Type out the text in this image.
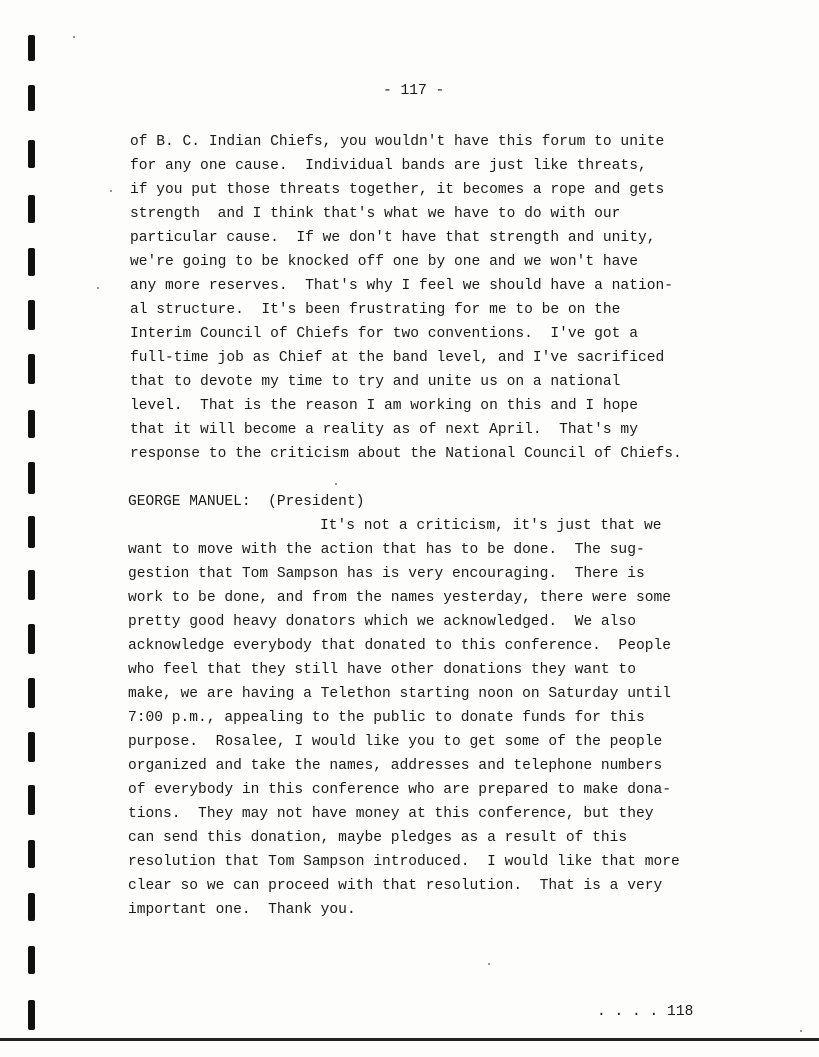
- 117 -
of B. C. Indian Chiefs, you wouldn't have this forum to unite
for any one cause.  Individual bands are just like threats,
if you put those threats together, it becomes a rope and gets
strength  and I think that's what we have to do with our
particular cause.  If we don't have that strength and unity,
we're going to be knocked off one by one and we won't have
any more reserves.  That's why I feel we should have a nation-
al structure.  It's been frustrating for me to be on the
Interim Council of Chiefs for two conventions.  I've got a
full-time job as Chief at the band level, and I've sacrificed
that to devote my time to try and unite us on a national
level.  That is the reason I am working on this and I hope
that it will become a reality as of next April.  That's my
response to the criticism about the National Council of Chiefs.
GEORGE MANUEL:  (President)
It's not a criticism, it's just that we
want to move with the action that has to be done.  The sug-
gestion that Tom Sampson has is very encouraging.  There is
work to be done, and from the names yesterday, there were some
pretty good heavy donators which we acknowledged.  We also
acknowledge everybody that donated to this conference.  People
who feel that they still have other donations they want to
make, we are having a Telethon starting noon on Saturday until
7:00 p.m., appealing to the public to donate funds for this
purpose.  Rosalee, I would like you to get some of the people
organized and take the names, addresses and telephone numbers
of everybody in this conference who are prepared to make dona-
tions.  They may not have money at this conference, but they
can send this donation, maybe pledges as a result of this
resolution that Tom Sampson introduced.  I would like that more
clear so we can proceed with that resolution.  That is a very
important one.  Thank you.
. . . . 118
